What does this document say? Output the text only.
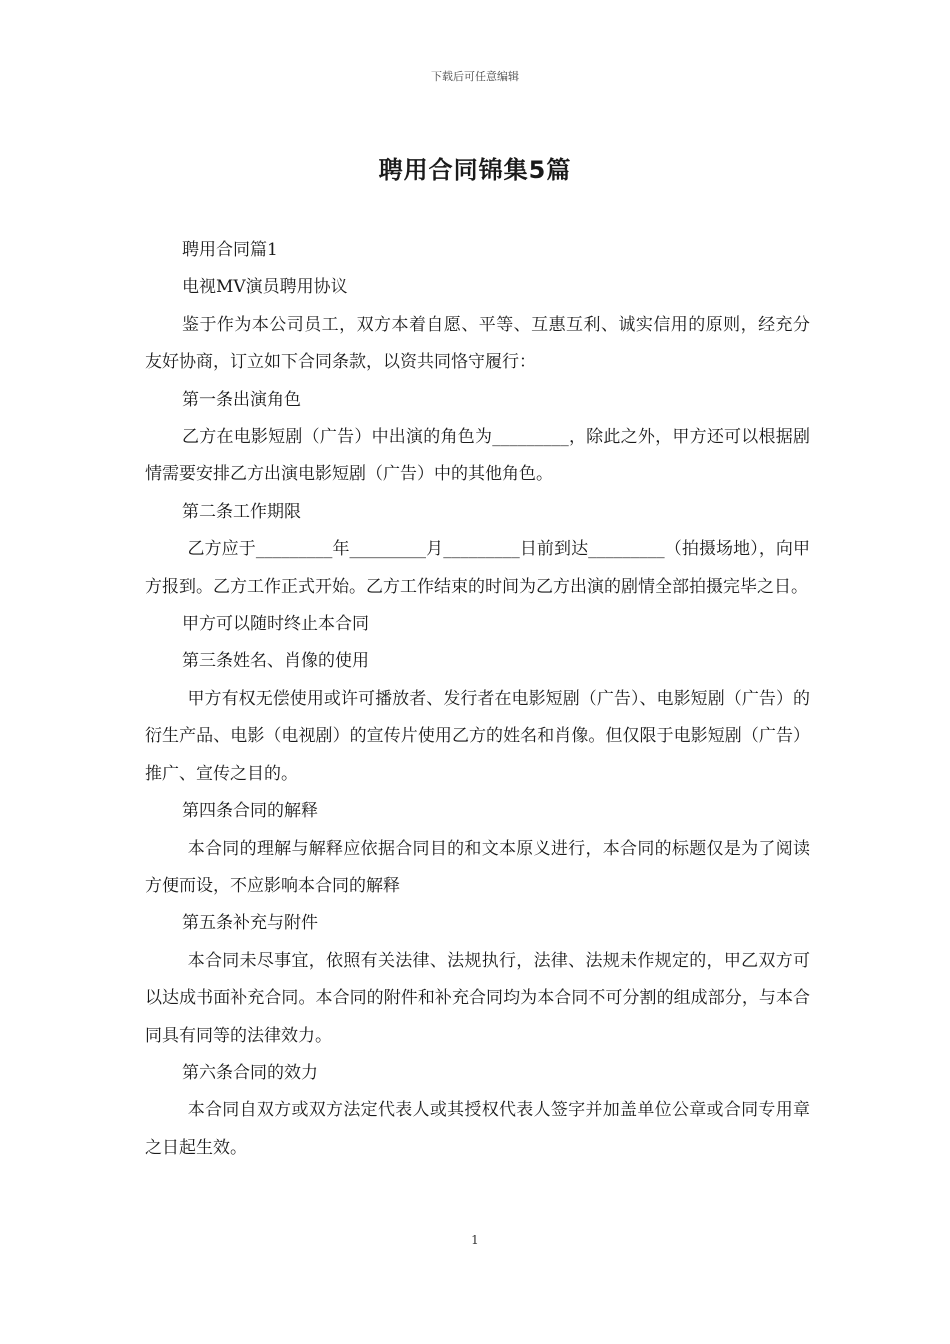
下载后可任意编辑
聘用合同锦集5篇

聘用合同篇1

电视MV演员聘用协议

鉴于作为本公司员工，双方本着自愿、平等、互惠互利、诚实信用的原则，经充分友好协商，订立如下合同条款，以资共同恪守履行：

第一条出演角色

乙方在电影短剧（广告）中出演的角色为_________，除此之外，甲方还可以根据剧情需要安排乙方出演电影短剧（广告）中的其他角色。

第二条工作期限

乙方应于_________年_________月_________日前到达_________（拍摄场地），向甲方报到。乙方工作正式开始。乙方工作结束的时间为乙方出演的剧情全部拍摄完毕之日。

甲方可以随时终止本合同

第三条姓名、肖像的使用

甲方有权无偿使用或许可播放者、发行者在电影短剧（广告）、电影短剧（广告）的衍生产品、电影（电视剧）的宣传片使用乙方的姓名和肖像。但仅限于电影短剧（广告）推广、宣传之目的。

第四条合同的解释

本合同的理解与解释应依据合同目的和文本原义进行，本合同的标题仅是为了阅读方便而设，不应影响本合同的解释

第五条补充与附件

本合同未尽事宜，依照有关法律、法规执行，法律、法规未作规定的，甲乙双方可以达成书面补充合同。本合同的附件和补充合同均为本合同不可分割的组成部分，与本合同具有同等的法律效力。

第六条合同的效力

本合同自双方或双方法定代表人或其授权代表人签字并加盖单位公章或合同专用章之日起生效。

1
